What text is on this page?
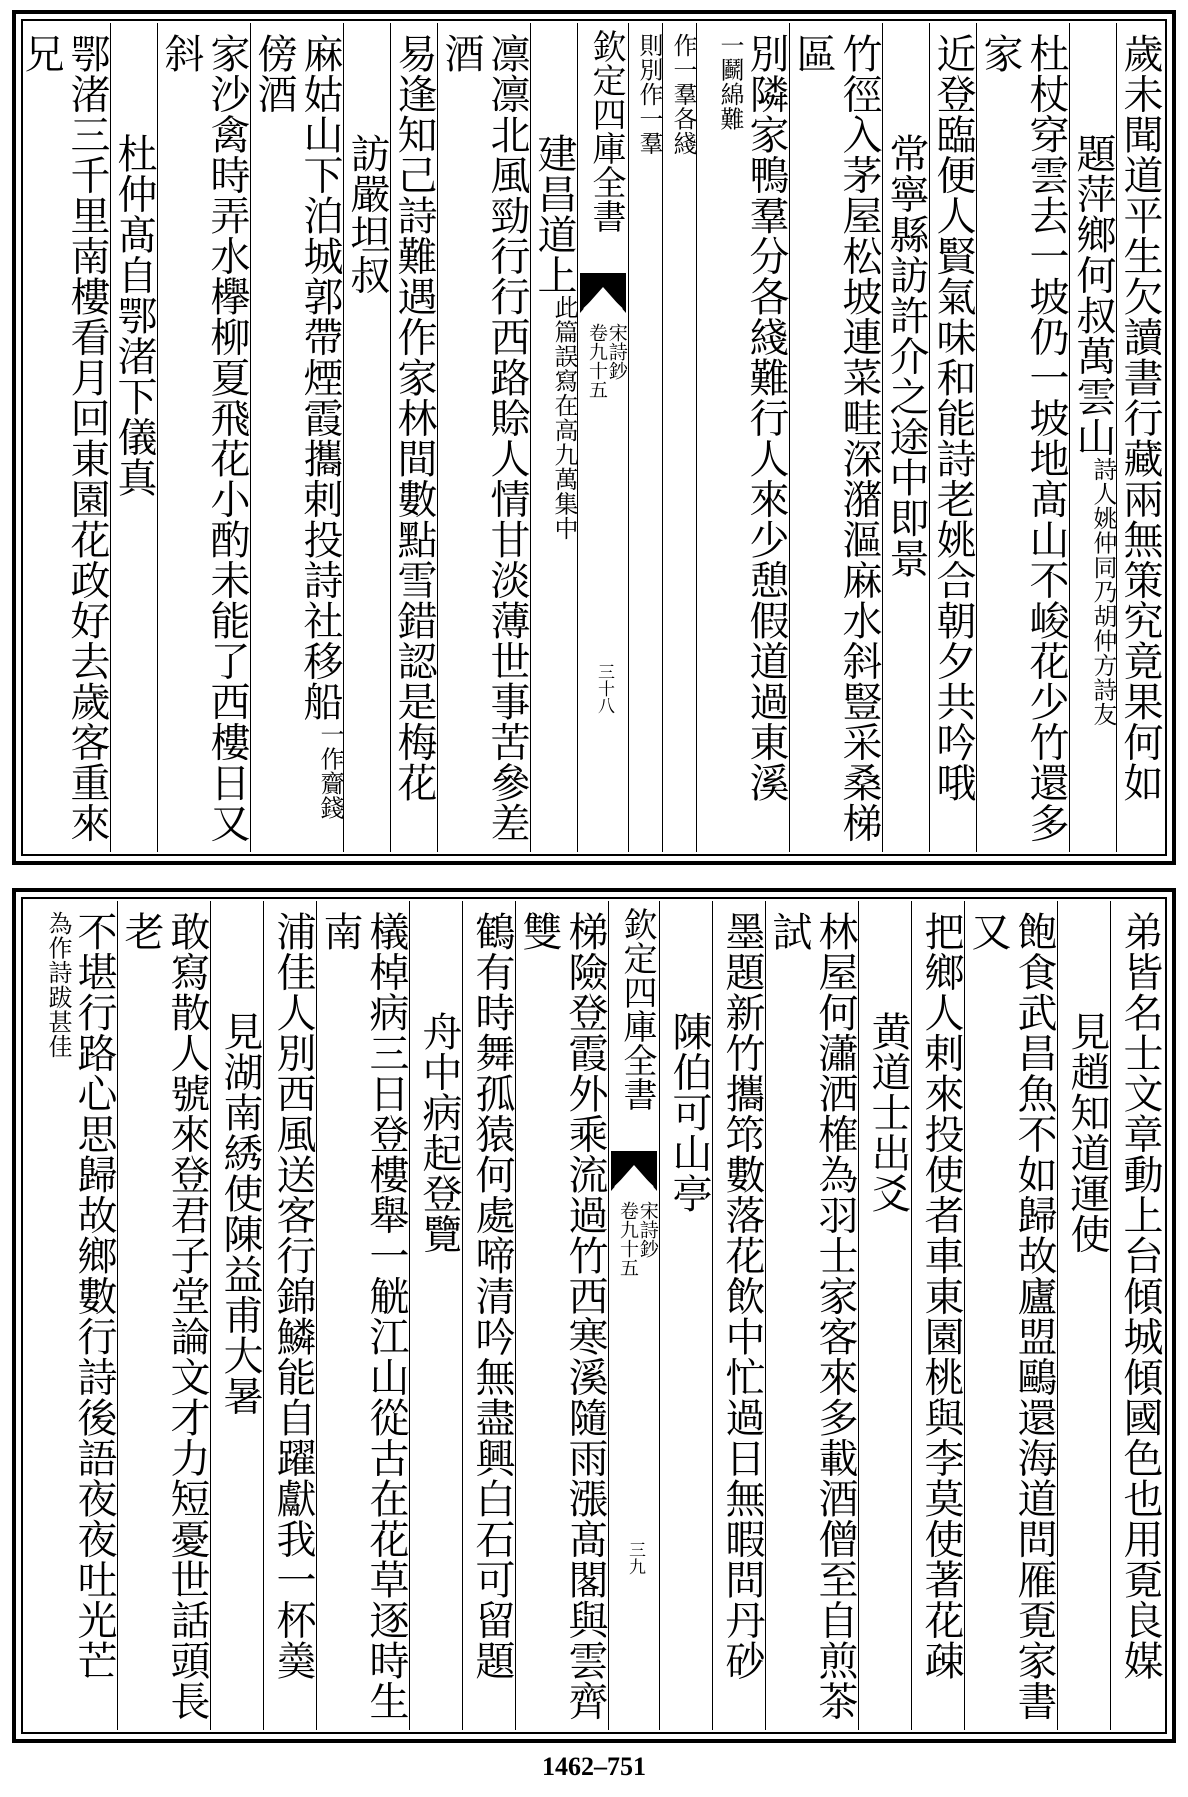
歲未聞道平生欠讀書行藏兩無策究竟果何如
題萍鄉何叔萬雲山
詩人姚仲同乃
胡仲方詩友
杜杖穿雲去一坡仍一坡地髙山不峻花少竹還多家
近登臨便人賢氣味和能詩老姚合朝夕共吟哦
常寧縣訪許介之途中即景
竹徑入茅屋松坡連菜畦深潴漚麻水斜豎采桑梯區
別隣家鴨羣分各綫難行人來少憩假道過東溪
一鬬
綿難
作一羣各綫
則別作一羣
欽定四庫全書
宋詩鈔
卷九十五
三十八
建昌道上
此篇誤寫在
高九萬集中
凛凛北風勁行行西路賒人情甘淡薄世事苦參差酒
易逢知己詩難遇作家林間數點雪錯認是梅花
訪嚴坦叔
麻姑山下泊城郭帶煙霞攜剌投詩社移船
一作
齎錢
傍酒
家沙禽時弄水欅柳夏飛花小酌未能了西樓日又斜
杜仲髙自鄂渚下儀真
鄂渚三千里南樓看月回東園花政好去歲客重來兄
弟皆名士文章動上台傾城傾國色也用覔良媒
見趙知道運使
飽食武昌魚不如歸故廬盟鷗還海道問雁覔家書又
把鄉人剌來投使者車東園桃與李莫使著花疎
黄道士出爻
林屋何瀟洒榷為羽士家客來多載酒僧至自煎茶試
墨題新竹攜筇數落花飲中忙過日無暇問丹砂
陳伯可山亭
欽定四庫全書
宋詩鈔
卷九十五
三九
梯險登霞外乘流過竹西寒溪隨雨漲髙閣與雲齊雙
鶴有時舞孤猿何處啼清吟無盡興白石可留題
舟中病起登覽
檥棹病三日登樓舉一觥江山從古在花草逐時生南
浦佳人別西風送客行錦鱗能自躍獻我一杯羮
見湖南綉使陳益甫大暑
敢寫散人號來登君子堂論文才力短憂世話頭長老
不堪行路心思歸故鄉數行詩後語夜夜吐光芒
為作詩
跋甚佳
1462–751
